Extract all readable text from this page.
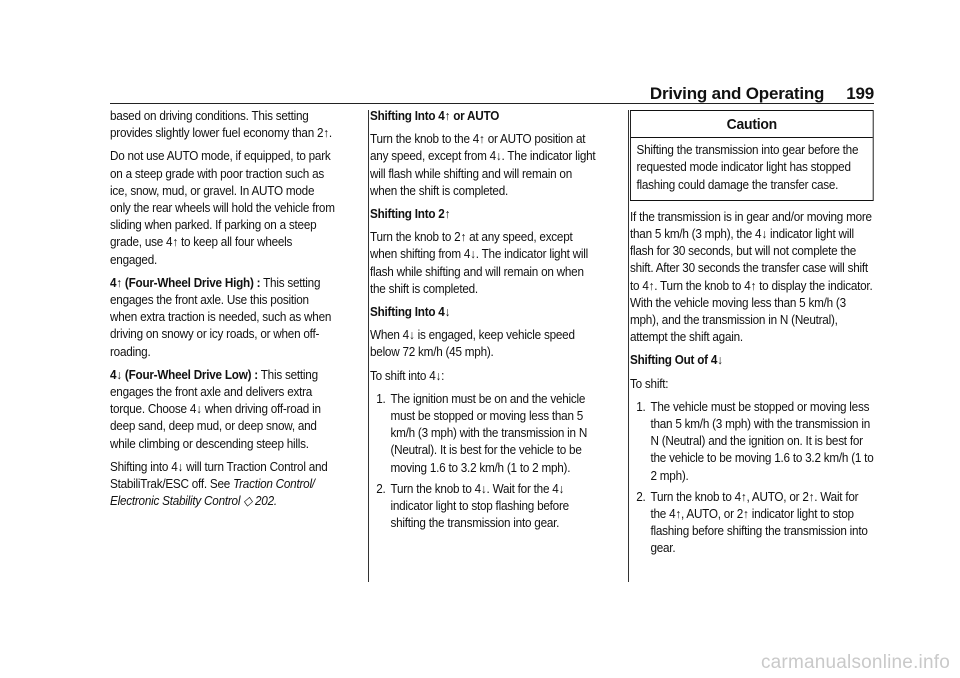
Driving and Operating 199

based on driving conditions. This setting provides slightly lower fuel economy than 2↑.

Do not use AUTO mode, if equipped, to park on a steep grade with poor traction such as ice, snow, mud, or gravel. In AUTO mode only the rear wheels will hold the vehicle from sliding when parked. If parking on a steep grade, use 4↑ to keep all four wheels engaged.

4↑ (Four-Wheel Drive High) : This setting engages the front axle. Use this position when extra traction is needed, such as when driving on snowy or icy roads, or when off-roading.

4↓ (Four-Wheel Drive Low) : This setting engages the front axle and delivers extra torque. Choose 4↓ when driving off-road in deep sand, deep mud, or deep snow, and while climbing or descending steep hills.

Shifting into 4↓ will turn Traction Control and StabiliTrak/ESC off. See Traction Control/ Electronic Stability Control ◇ 202.

Shifting Into 4↑ or AUTO

Turn the knob to the 4↑ or AUTO position at any speed, except from 4↓. The indicator light will flash while shifting and will remain on when the shift is completed.

Shifting Into 2↑

Turn the knob to 2↑ at any speed, except when shifting from 4↓. The indicator light will flash while shifting and will remain on when the shift is completed.

Shifting Into 4↓

When 4↓ is engaged, keep vehicle speed below 72 km/h (45 mph).

To shift into 4↓:

1. The ignition must be on and the vehicle must be stopped or moving less than 5 km/h (3 mph) with the transmission in N (Neutral). It is best for the vehicle to be moving 1.6 to 3.2 km/h (1 to 2 mph).
2. Turn the knob to 4↓. Wait for the 4↓ indicator light to stop flashing before shifting the transmission into gear.
Caution
Shifting the transmission into gear before the requested mode indicator light has stopped flashing could damage the transfer case.

If the transmission is in gear and/or moving more than 5 km/h (3 mph), the 4↓ indicator light will flash for 30 seconds, but will not complete the shift. After 30 seconds the transfer case will shift to 4↑. Turn the knob to 4↑ to display the indicator. With the vehicle moving less than 5 km/h (3 mph), and the transmission in N (Neutral), attempt the shift again.

Shifting Out of 4↓

To shift:

1. The vehicle must be stopped or moving less than 5 km/h (3 mph) with the transmission in N (Neutral) and the ignition on. It is best for the vehicle to be moving 1.6 to 3.2 km/h (1 to 2 mph).
2. Turn the knob to 4↑, AUTO, or 2↑. Wait for the 4↑, AUTO, or 2↑ indicator light to stop flashing before shifting the transmission into gear.
carmanualsonline.info
